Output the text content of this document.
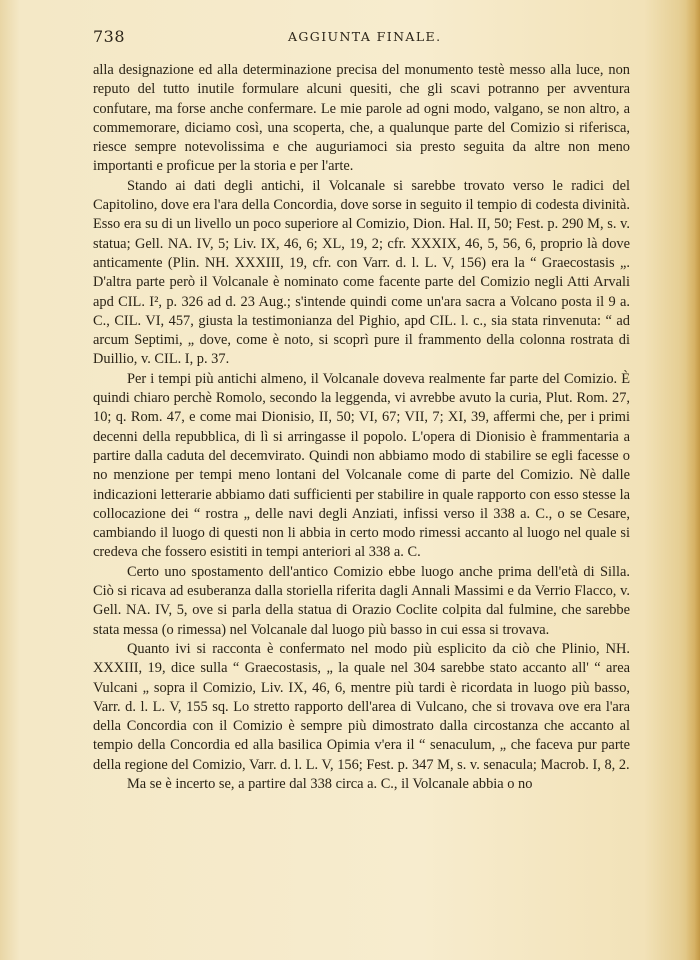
738	AGGIUNTA FINALE.

alla designazione ed alla determinazione precisa del monumento testè messo alla luce, non reputo del tutto inutile formulare alcuni quesiti, che gli scavi potranno per avventura confutare, ma forse anche confermare. Le mie parole ad ogni modo, valgano, se non altro, a commemorare, diciamo così, una scoperta, che, a qualunque parte del Comizio si riferisca, riesce sempre notevolissima e che auguriamoci sia presto seguita da altre non meno importanti e proficue per la storia e per l'arte.

Stando ai dati degli antichi, il Volcanale si sarebbe trovato verso le radici del Capitolino, dove era l'ara della Concordia, dove sorse in seguito il tempio di codesta divinità. Esso era su di un livello un poco superiore al Comizio, Dion. Hal. II, 50; Fest. p. 290 M, s. v. statua; Gell. NA. IV, 5; Liv. IX, 46, 6; XL, 19, 2; cfr. XXXIX, 46, 5, 56, 6, proprio là dove anticamente (Plin. NH. XXXIII, 19, cfr. con Varr. d. l. L. V, 156) era la “ Graecostasis „. D'altra parte però il Volcanale è nominato come facente parte del Comizio negli Atti Arvali apd CIL. I², p. 326 ad d. 23 Aug.; s'intende quindi come un'ara sacra a Volcano posta il 9 a. C., CIL. VI, 457, giusta la testimonianza del Pighio, apd CIL. l. c., sia stata rinvenuta: “ ad arcum Septimi, „ dove, come è noto, si scoprì pure il frammento della colonna rostrata di Duillio, v. CIL. I, p. 37.

Per i tempi più antichi almeno, il Volcanale doveva realmente far parte del Comizio. È quindi chiaro perchè Romolo, secondo la leggenda, vi avrebbe avuto la curia, Plut. Rom. 27, 10; q. Rom. 47, e come mai Dionisio, II, 50; VI, 67; VII, 7; XI, 39, affermi che, per i primi decenni della repubblica, di lì si arringasse il popolo. L'opera di Dionisio è frammentaria a partire dalla caduta del decemvirato. Quindi non abbiamo modo di stabilire se egli facesse o no menzione per tempi meno lontani del Volcanale come di parte del Comizio. Nè dalle indicazioni letterarie abbiamo dati sufficienti per stabilire in quale rapporto con esso stesse la collocazione dei “ rostra „ delle navi degli Anziati, infissi verso il 338 a. C., o se Cesare, cambiando il luogo di questi non li abbia in certo modo rimessi accanto al luogo nel quale si credeva che fossero esistiti in tempi anteriori al 338 a. C.

Certo uno spostamento dell'antico Comizio ebbe luogo anche prima dell'età di Silla. Ciò si ricava ad esuberanza dalla storiella riferita dagli Annali Massimi e da Verrio Flacco, v. Gell. NA. IV, 5, ove si parla della statua di Orazio Coclite colpita dal fulmine, che sarebbe stata messa (o rimessa) nel Volcanale dal luogo più basso in cui essa si trovava.

Quanto ivi si racconta è confermato nel modo più esplicito da ciò che Plinio, NH. XXXIII, 19, dice sulla “ Graecostasis, „ la quale nel 304 sarebbe stato accanto all' “ area Vulcani „ sopra il Comizio, Liv. IX, 46, 6, mentre più tardi è ricordata in luogo più basso, Varr. d. l. L. V, 155 sq. Lo stretto rapporto dell'area di Vulcano, che si trovava ove era l'ara della Concordia con il Comizio è sempre più dimostrato dalla circostanza che accanto al tempio della Concordia ed alla basilica Opimia v'era il “ senaculum, „ che faceva pur parte della regione del Comizio, Varr. d. l. L. V, 156; Fest. p. 347 M, s. v. senacula; Macrob. I, 8, 2.

Ma se è incerto se, a partire dal 338 circa a. C., il Volcanale abbia o no
